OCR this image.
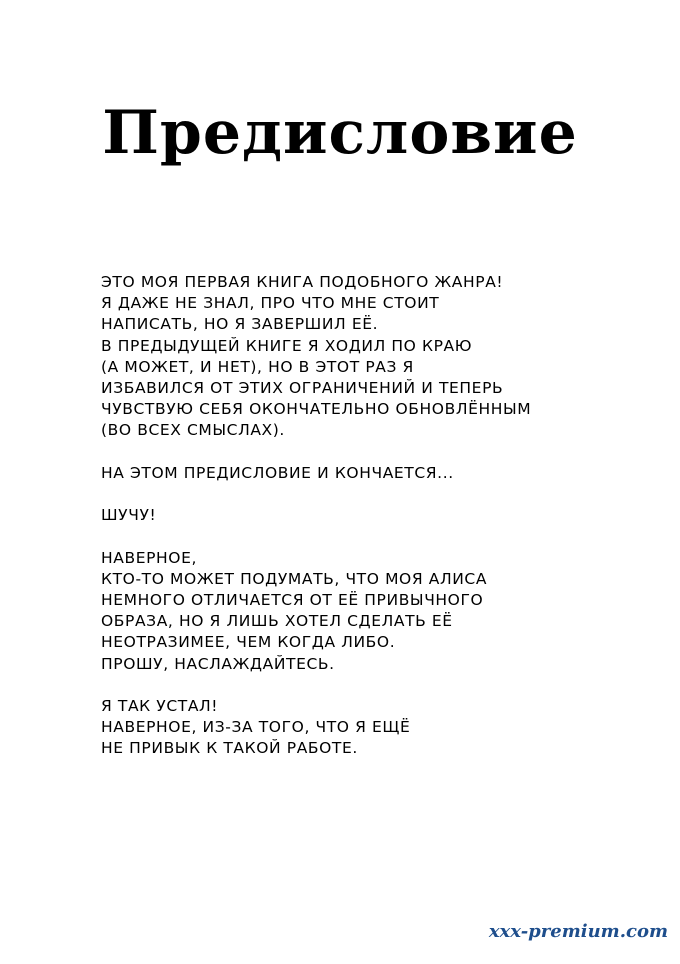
Предисловие
ЭТО МОЯ ПЕРВАЯ КНИГА ПОДОБНОГО ЖАНРА!
Я ДАЖЕ НЕ ЗНАЛ, ПРО ЧТО МНЕ СТОИТ
НАПИСАТЬ, НО Я ЗАВЕРШИЛ ЕЁ.
В ПРЕДЫДУЩЕЙ КНИГЕ Я ХОДИЛ ПО КРАЮ
(А МОЖЕТ, И НЕТ), НО В ЭТОТ РАЗ Я
ИЗБАВИЛСЯ ОТ ЭТИХ ОГРАНИЧЕНИЙ И ТЕПЕРЬ
ЧУВСТВУЮ СЕБЯ ОКОНЧАТЕЛЬНО ОБНОВЛЁННЫМ
(ВО ВСЕХ СМЫСЛАХ).
НА ЭТОМ ПРЕДИСЛОВИЕ И КОНЧАЕТСЯ...
ШУЧУ!
НАВЕРНОЕ,
КТО-ТО МОЖЕТ ПОДУМАТЬ, ЧТО МОЯ АЛИСА
НЕМНОГО ОТЛИЧАЕТСЯ ОТ ЕЁ ПРИВЫЧНОГО
ОБРАЗА, НО Я ЛИШЬ ХОТЕЛ СДЕЛАТЬ ЕЁ
НЕОТРАЗИМЕЕ, ЧЕМ КОГДА ЛИБО.
ПРОШУ, НАСЛАЖДАЙТЕСЬ.
Я ТАК УСТАЛ!
НАВЕРНОЕ, ИЗ-ЗА ТОГО, ЧТО Я ЕЩЁ
НЕ ПРИВЫК К ТАКОЙ РАБОТЕ.
xxx-premium.com
